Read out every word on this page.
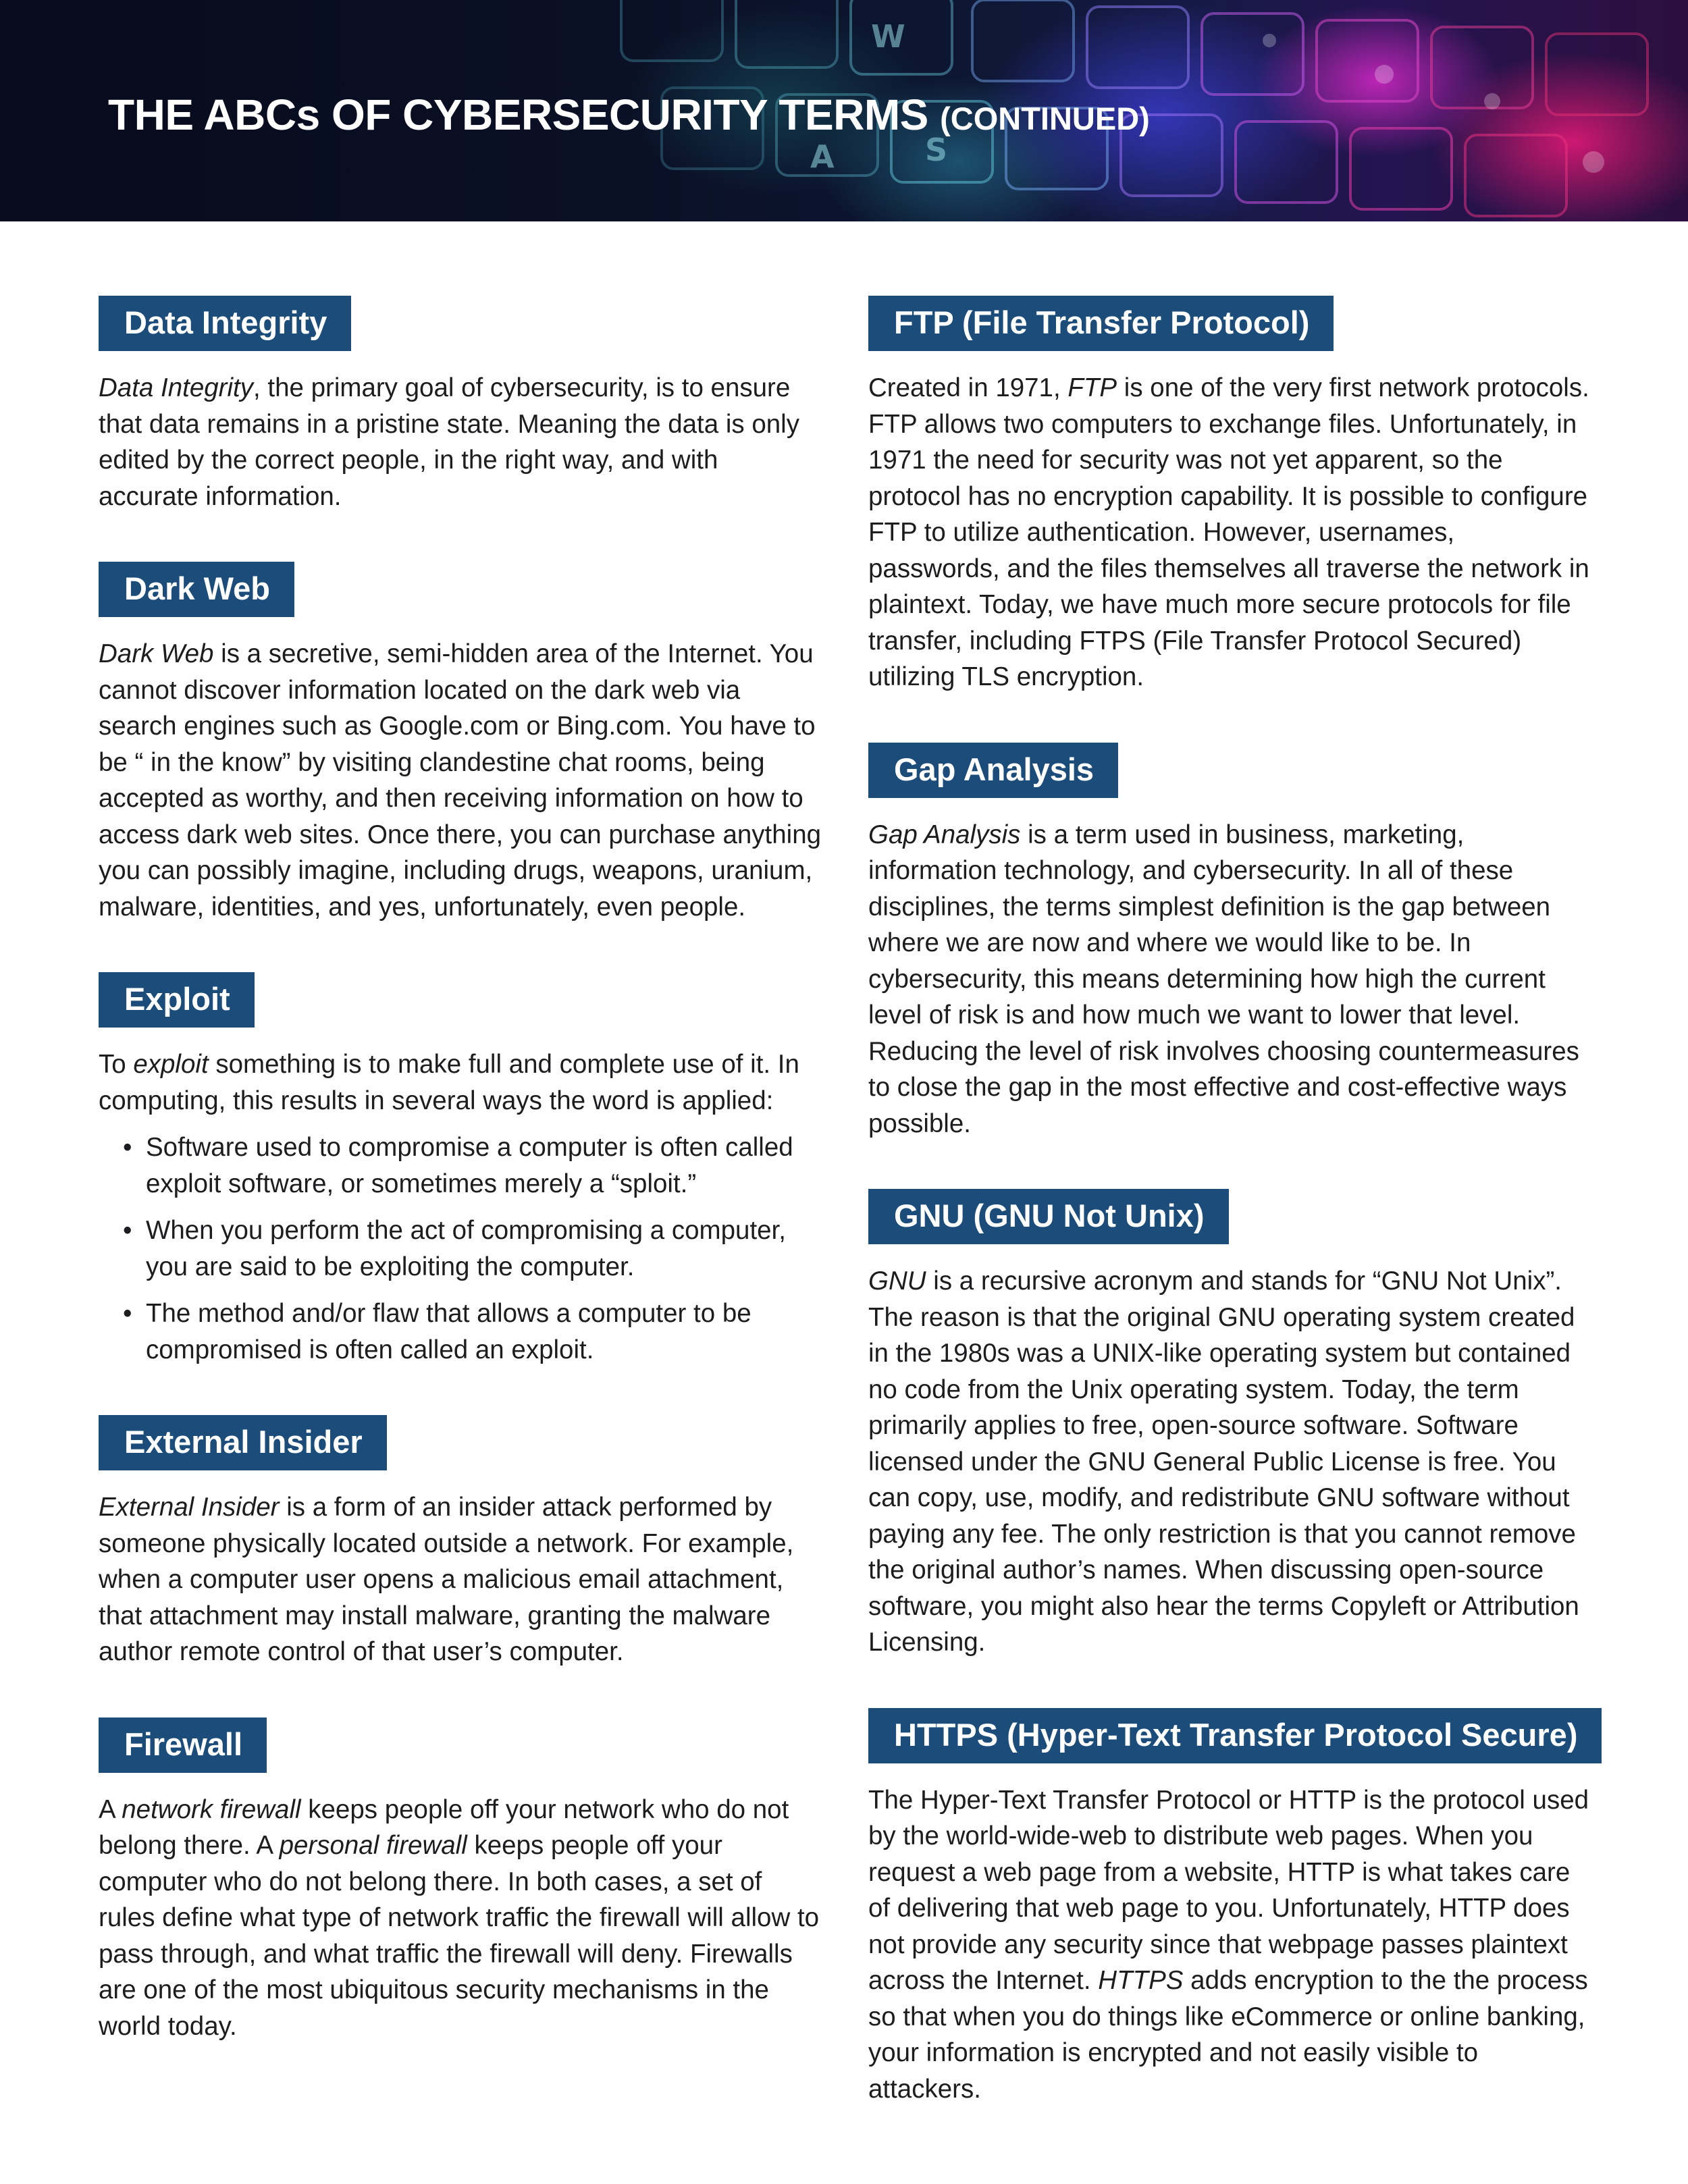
W
A	S
THE ABCs OF CYBERSECURITY TERMS (CONTINUED)
Data Integrity

Data Integrity, the primary goal of cybersecurity, is to ensure that data remains in a pristine state. Meaning the data is only edited by the correct people, in the right way, and with accurate information.

Dark Web

Dark Web is a secretive, semi-hidden area of the Internet. You cannot discover information located on the dark web via search engines such as Google.com or Bing.com. You have to be “ in the know” by visiting clandestine chat rooms, being accepted as worthy, and then receiving information on how to access dark web sites. Once there, you can purchase anything you can possibly imagine, including drugs, weapons, uranium, malware, identities, and yes, unfortunately, even people.

Exploit

To exploit something is to make full and complete use of it. In computing, this results in several ways the word is applied:

• Software used to compromise a computer is often called exploit software, or sometimes merely a “sploit.”
• When you perform the act of compromising a computer, you are said to be exploiting the computer.
• The method and/or flaw that allows a computer to be compromised is often called an exploit.
External Insider

External Insider is a form of an insider attack performed by someone physically located outside a network. For example, when a computer user opens a malicious email attachment, that attachment may install malware, granting the malware author remote control of that user’s computer.

Firewall

A network firewall keeps people off your network who do not belong there. A personal firewall keeps people off your computer who do not belong there. In both cases, a set of rules define what type of network traffic the firewall will allow to pass through, and what traffic the firewall will deny. Firewalls are one of the most ubiquitous security mechanisms in the world today.

FTP (File Transfer Protocol)

Created in 1971, FTP is one of the very first network protocols. FTP allows two computers to exchange files. Unfortunately, in 1971 the need for security was not yet apparent, so the protocol has no encryption capability. It is possible to configure FTP to utilize authentication. However, usernames, passwords, and the files themselves all traverse the network in plaintext. Today, we have much more secure protocols for file transfer, including FTPS (File Transfer Protocol Secured) utilizing TLS encryption.

Gap Analysis

Gap Analysis is a term used in business, marketing, information technology, and cybersecurity. In all of these disciplines, the terms simplest definition is the gap between where we are now and where we would like to be. In cybersecurity, this means determining how high the current level of risk is and how much we want to lower that level. Reducing the level of risk involves choosing countermeasures to close the gap in the most effective and cost-effective ways possible.

GNU (GNU Not Unix)

GNU is a recursive acronym and stands for “GNU Not Unix”. The reason is that the original GNU operating system created in the 1980s was a UNIX-like operating system but contained no code from the Unix operating system. Today, the term primarily applies to free, open-source software. Software licensed under the GNU General Public License is free. You can copy, use, modify, and redistribute GNU software without paying any fee. The only restriction is that you cannot remove the original author’s names. When discussing open-source software, you might also hear the terms Copyleft or Attribution Licensing.

HTTPS (Hyper-Text Transfer Protocol Secure)

The Hyper-Text Transfer Protocol or HTTP is the protocol used by the world-wide-web to distribute web pages. When you request a web page from a website, HTTP is what takes care of delivering that web page to you. Unfortunately, HTTP does not provide any security since that webpage passes plaintext across the Internet. HTTPS adds encryption to the the process so that when you do things like eCommerce or online banking, your information is encrypted and not easily visible to attackers.
